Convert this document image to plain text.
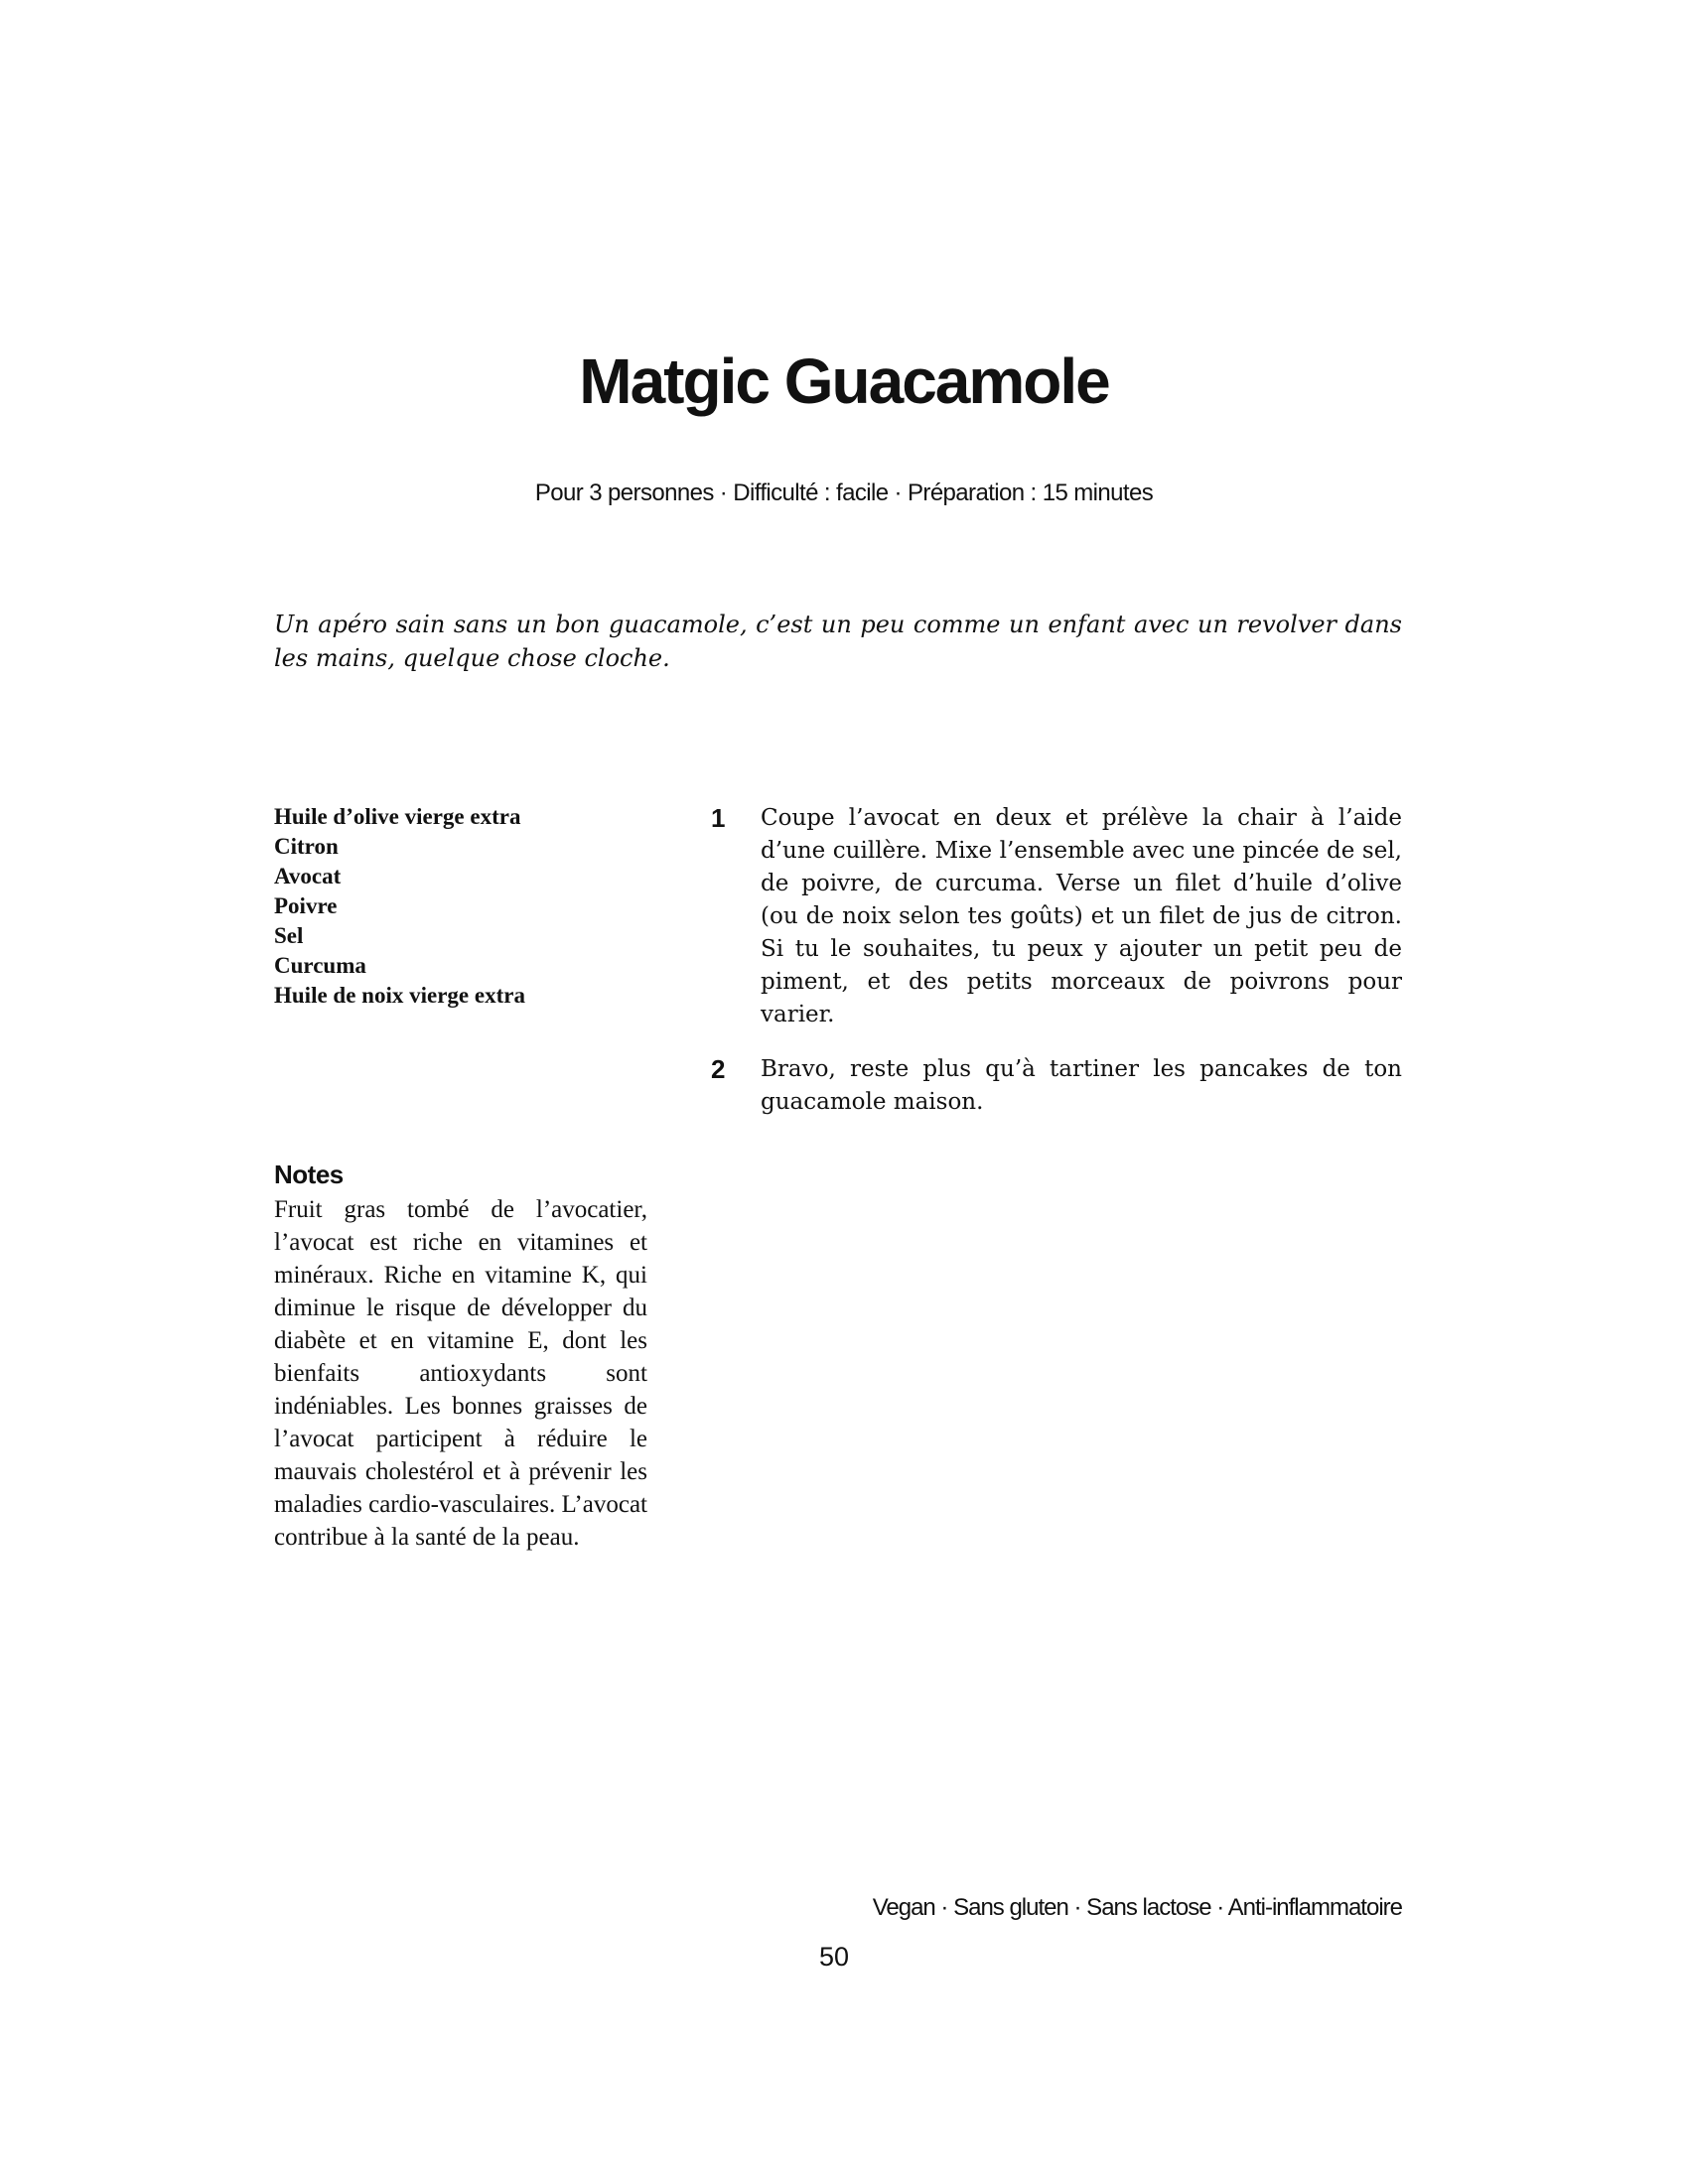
Matgic Guacamole
Pour 3 personnes · Difficulté : facile · Préparation : 15 minutes

Un apéro sain sans un bon guacamole, c’est un peu comme un enfant avec un revolver dans les mains, quelque chose cloche.

Huile d’olive vierge extra
Citron
Avocat
Poivre
Sel
Curcuma
Huile de noix vierge extra
Notes

Fruit gras tombé de l’avocatier, l’avocat est riche en vitamines et minéraux. Riche en vitamine K, qui diminue le risque de développer du diabète et en vitamine E, dont les bienfaits antioxydants sont indéniables. Les bonnes graisses de l’avocat participent à réduire le mauvais cholestérol et à prévenir les maladies cardio-vasculaires. L’avocat contribue à la santé de la peau.

1	Coupe l’avocat en deux et prélève la chair à l’aide d’une cuillère. Mixe l’ensemble avec une pincée de sel, de poivre, de curcuma. Verse un filet d’huile d’olive (ou de noix selon tes goûts) et un filet de jus de citron. Si tu le souhaites, tu peux y ajouter un petit peu de piment, et des petits morceaux de poivrons pour varier.

2	Bravo, reste plus qu’à tartiner les pancakes de ton guacamole maison.

Vegan · Sans gluten · Sans lactose · Anti-inflammatoire
50
